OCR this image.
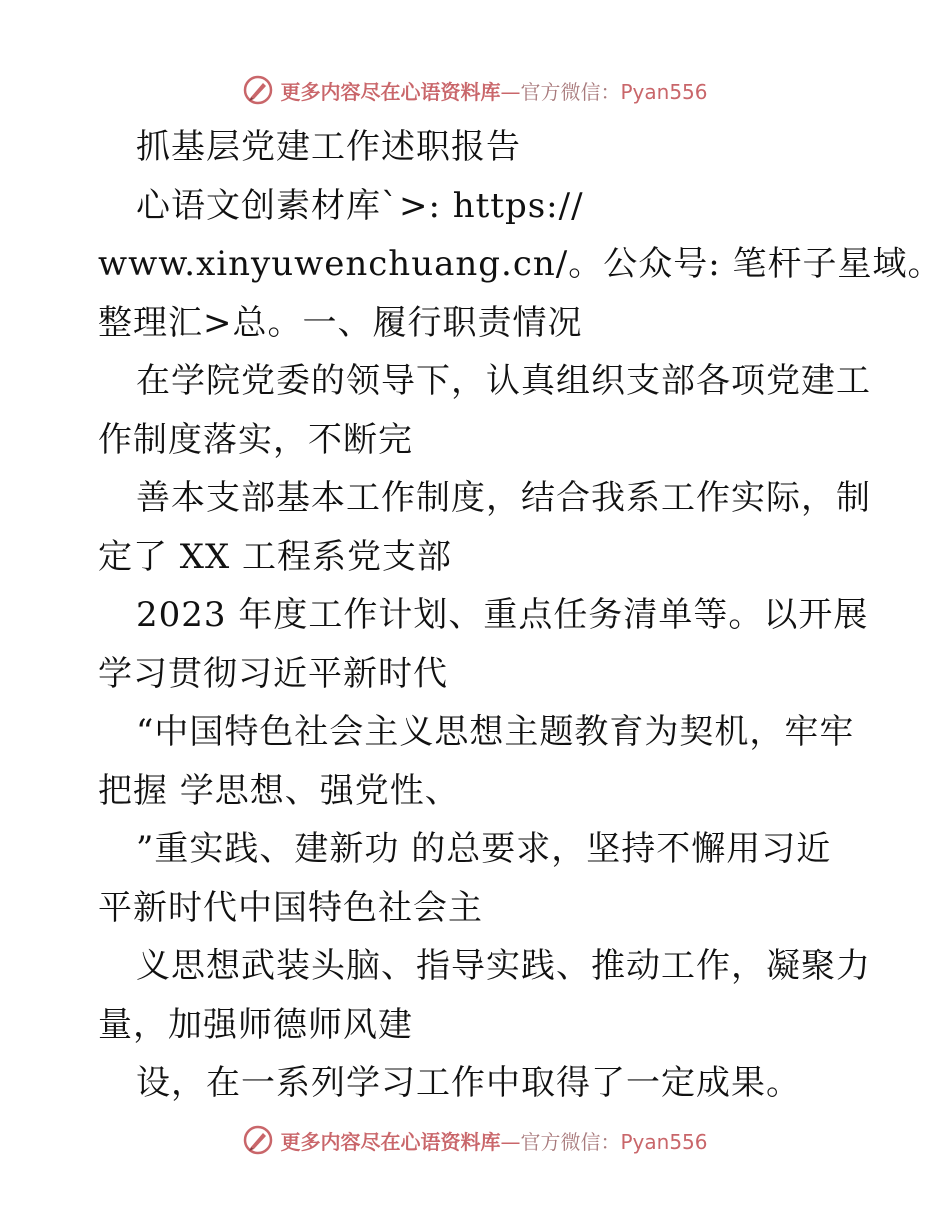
更多内容尽在心语资料库—官方微信：Pyan556
抓基层党建工作述职报告
心语文创素材库`>: https://
www.xinyuwenchuang.cn/。公众号: 笔杆子星域。
整理汇>总。一、履行职责情况
在学院党委的领导下，认真组织支部各项党建工
作制度落实，不断完
善本支部基本工作制度，结合我系工作实际，制
定了 XX 工程系党支部
2023 年度工作计划、重点任务清单等。以开展
学习贯彻习近平新时代
“中国特色社会主义思想主题教育为契机，牢牢
把握 学思想、强党性、
”重实践、建新功 的总要求，坚持不懈用习近
平新时代中国特色社会主
义思想武装头脑、指导实践、推动工作，凝聚力
量，加强师德师风建
设，在一系列学习工作中取得了一定成果。
更多内容尽在心语资料库—官方微信：Pyan556
